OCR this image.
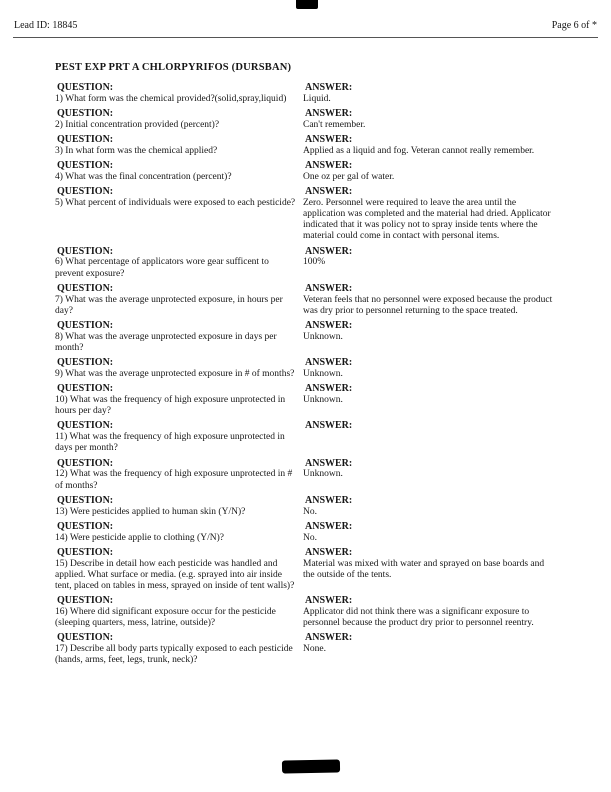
Lead ID: 18845	Page 6 of *
PEST EXP PRT A CHLORPYRIFOS (DURSBAN)
QUESTION:
1) What form was the chemical provided?(solid,spray,liquid)
ANSWER:
Liquid.
QUESTION:
2) Initial concentration provided (percent)?
ANSWER:
Can't remember.
QUESTION:
3) In what form was the chemical applied?
ANSWER:
Applied as a liquid and fog. Veteran cannot really remember.
QUESTION:
4) What was the final concentration (percent)?
ANSWER:
One oz per gal of water.
QUESTION:
5) What percent of individuals were exposed to each pesticide?
ANSWER:
Zero. Personnel were required to leave the area until the application was completed and the material had dried. Applicator indicated that it was policy not to spray inside tents where the material could come in contact with personal items.
QUESTION:
6) What percentage of applicators wore gear sufficent to prevent exposure?
ANSWER:
100%
QUESTION:
7) What was the average unprotected exposure, in hours per day?
ANSWER:
Veteran feels that no personnel were exposed because the product was dry prior to personnel returning to the space treated.
QUESTION:
8) What was the average unprotected exposure in days per month?
ANSWER:
Unknown.
QUESTION:
9) What was the average unprotected exposure in # of months?
ANSWER:
Unknown.
QUESTION:
10) What was the frequency of high exposure unprotected in hours per day?
ANSWER:
Unknown.
QUESTION:
11) What was the frequency of high exposure unprotected in days per month?
ANSWER:
QUESTION:
12) What was the frequency of high exposure unprotected in # of months?
ANSWER:
Unknown.
QUESTION:
13) Were pesticides applied to human skin (Y/N)?
ANSWER:
No.
QUESTION:
14) Were pesticide applie to clothing (Y/N)?
ANSWER:
No.
QUESTION:
15) Describe in detail how each pesticide was handled and applied. What surface or media. (e.g. sprayed into air inside tent, placed on tables in mess, sprayed on inside of tent walls)?
ANSWER:
Material was mixed with water and sprayed on base boards and the outside of the tents.
QUESTION:
16) Where did significant exposure occur for the pesticide (sleeping quarters, mess, latrine, outside)?
ANSWER:
Applicator did not think there was a significanr exposure to personnel because the product dry prior to personnel reentry.
QUESTION:
17) Describe all body parts typically exposed to each pesticide (hands, arms, feet, legs, trunk, neck)?
ANSWER:
None.
